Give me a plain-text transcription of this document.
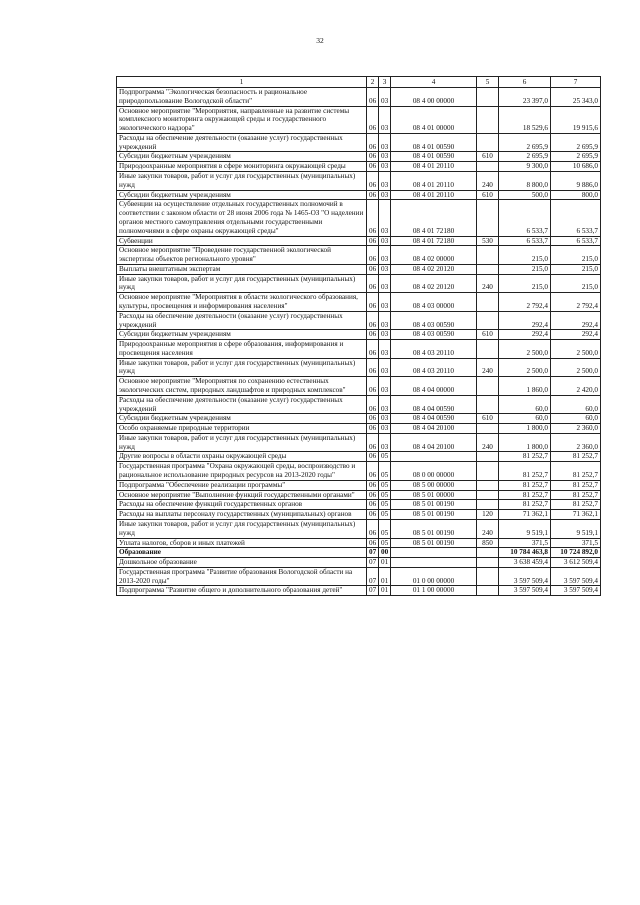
32
1	2	3	4	5	6	7
Подпрограмма "Экологическая безопасность и рациональное природопользование Вологодской области"	06	03	08 4 00 00000		23 397,0	25 343,0
Основное мероприятие "Мероприятия, направленные на развитие системы комплексного мониторинга окружающей среды и государственного экологического надзора"	06	03	08 4 01 00000		18 529,6	19 915,6
Расходы на обеспечение деятельности (оказание услуг) государственных учреждений	06	03	08 4 01 00590		2 695,9	2 695,9
Субсидии бюджетным учреждениям	06	03	08 4 01 00590	610	2 695,9	2 695,9
Природоохранные мероприятия в сфере мониторинга окружающей среды	06	03	08 4 01 20110		9 300,0	10 686,0
Иные закупки товаров, работ и услуг для государственных (муниципальных) нужд	06	03	08 4 01 20110	240	8 800,0	9 886,0
Субсидии бюджетным учреждениям	06	03	08 4 01 20110	610	500,0	800,0
Субвенции на осуществление отдельных государственных полномочий в соответствии с законом области от 28 июня 2006 года № 1465-ОЗ "О наделении органов местного самоуправления отдельными государственными полномочиями в сфере охраны окружающей среды"	06	03	08 4 01 72180		6 533,7	6 533,7
Субвенции	06	03	08 4 01 72180	530	6 533,7	6 533,7
Основное мероприятие "Проведение государственной экологической экспертизы объектов регионального уровня"	06	03	08 4 02 00000		215,0	215,0
Выплаты внештатным экспертам	06	03	08 4 02 20120		215,0	215,0
Иные закупки товаров, работ и услуг для государственных (муниципальных) нужд	06	03	08 4 02 20120	240	215,0	215,0
Основное мероприятие "Мероприятия в области экологического образования, культуры, просвещения и информирования населения"	06	03	08 4 03 00000		2 792,4	2 792,4
Расходы на обеспечение деятельности (оказание услуг) государственных учреждений	06	03	08 4 03 00590		292,4	292,4
Субсидии бюджетным учреждениям	06	03	08 4 03 00590	610	292,4	292,4
Природоохранные мероприятия в сфере образования, информирования и просвещения населения	06	03	08 4 03 20110		2 500,0	2 500,0
Иные закупки товаров, работ и услуг для государственных (муниципальных) нужд	06	03	08 4 03 20110	240	2 500,0	2 500,0
Основное мероприятие "Мероприятия по сохранению естественных экологических систем, природных ландшафтов и природных комплексов"	06	03	08 4 04 00000		1 860,0	2 420,0
Расходы на обеспечение деятельности (оказание услуг) государственных учреждений	06	03	08 4 04 00590		60,0	60,0
Субсидии бюджетным учреждениям	06	03	08 4 04 00590	610	60,0	60,0
Особо охраняемые природные территории	06	03	08 4 04 20100		1 800,0	2 360,0
Иные закупки товаров, работ и услуг для государственных (муниципальных) нужд	06	03	08 4 04 20100	240	1 800,0	2 360,0
Другие вопросы в области охраны окружающей среды	06	05			81 252,7	81 252,7
Государственная программа "Охрана окружающей среды, воспроизводство и рациональное использование природных ресурсов на 2013-2020 годы"	06	05	08 0 00 00000		81 252,7	81 252,7
Подпрограмма "Обеспечение реализации программы"	06	05	08 5 00 00000		81 252,7	81 252,7
Основное мероприятие "Выполнение функций государственными органами"	06	05	08 5 01 00000		81 252,7	81 252,7
Расходы на обеспечение функций государственных органов	06	05	08 5 01 00190		81 252,7	81 252,7
Расходы на выплаты персоналу государственных (муниципальных) органов	06	05	08 5 01 00190	120	71 362,1	71 362,1
Иные закупки товаров, работ и услуг для государственных (муниципальных) нужд	06	05	08 5 01 00190	240	9 519,1	9 519,1
Уплата налогов, сборов и иных платежей	06	05	08 5 01 00190	850	371,5	371,5
Образование	07	00			10 784 463,8	10 724 892,0
Дошкольное образование	07	01			3 638 459,4	3 612 509,4
Государственная программа "Развитие образования Вологодской области на 2013-2020 годы"	07	01	01 0 00 00000		3 597 509,4	3 597 509,4
Подпрограмма "Развитие общего и дополнительного образования детей"	07	01	01 1 00 00000		3 597 509,4	3 597 509,4
